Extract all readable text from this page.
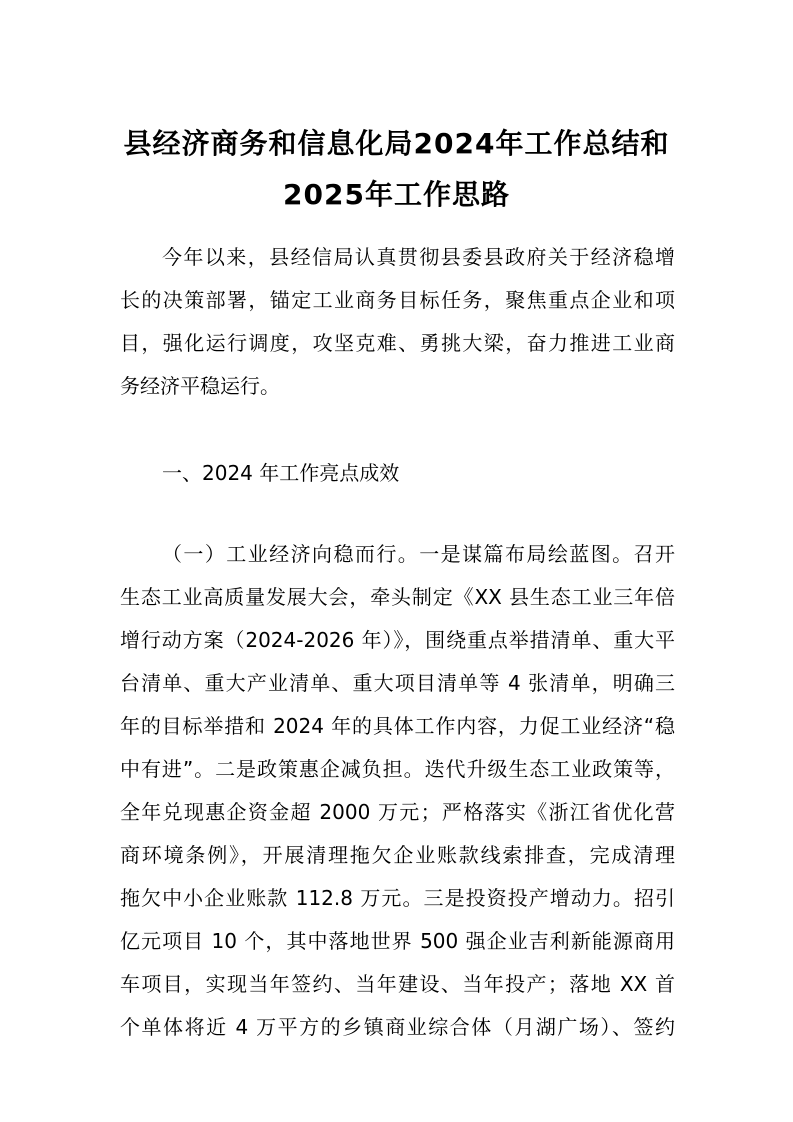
县经济商务和信息化局2024年工作总结和
2025年工作思路
今年以来，县经信局认真贯彻县委县政府关于经济稳增
长的决策部署，锚定工业商务目标任务，聚焦重点企业和项
目，强化运行调度，攻坚克难、勇挑大梁，奋力推进工业商
务经济平稳运行。
一、2024 年工作亮点成效
（一）工业经济向稳而行。一是谋篇布局绘蓝图。召开
生态工业高质量发展大会，牵头制定《XX 县生态工业三年倍
增行动方案（2024-2026 年）》，围绕重点举措清单、重大平
台清单、重大产业清单、重大项目清单等 4 张清单，明确三
年的目标举措和 2024 年的具体工作内容，力促工业经济“稳
中有进”。二是政策惠企减负担。迭代升级生态工业政策等，
全年兑现惠企资金超 2000 万元；严格落实《浙江省优化营
商环境条例》，开展清理拖欠企业账款线索排查，完成清理
拖欠中小企业账款 112.8 万元。三是投资投产增动力。招引
亿元项目 10 个，其中落地世界 500 强企业吉利新能源商用
车项目，实现当年签约、当年建设、当年投产；落地 XX 首
个单体将近 4 万平方的乡镇商业综合体（月湖广场）、签约
